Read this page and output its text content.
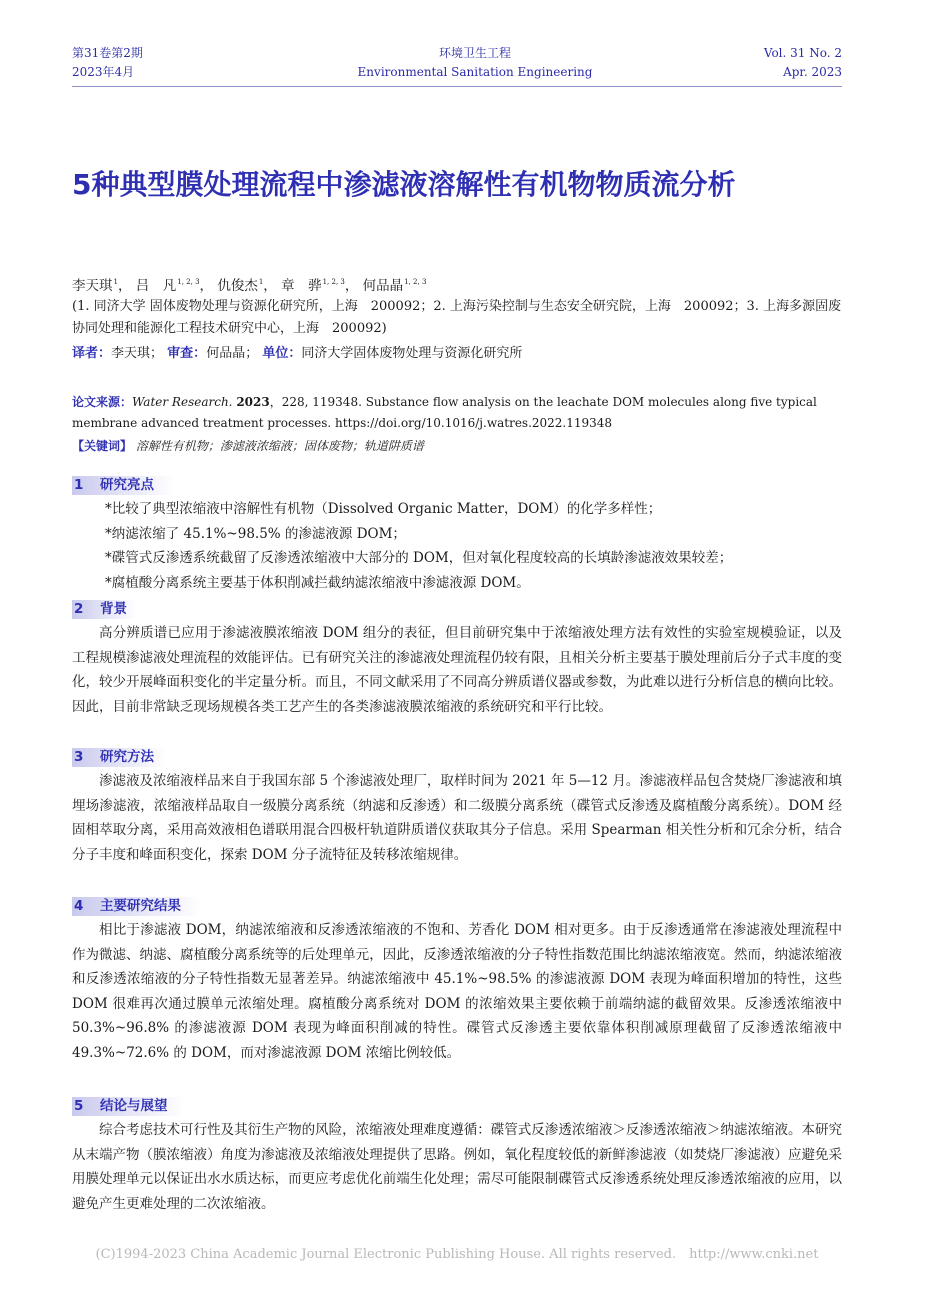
第31卷第2期
2023年4月
环境卫生工程
Environmental Sanitation Engineering
Vol. 31 No. 2
Apr. 2023
5种典型膜处理流程中渗滤液溶解性有机物物质流分析
李天琪$^1$， 吕　凡$^{1, 2, 3}$， 仇俊杰$^1$， 章　骅$^{1, 2, 3}$， 何品晶$^{1, 2, 3}$
(1. 同济大学 固体废物处理与资源化研究所，上海　200092；2. 上海污染控制与生态安全研究院，上海　200092；3. 上海多源固废协同处理和能源化工程技术研究中心，上海　200092)
译者：李天琪； 审查：何品晶； 单位：同济大学固体废物处理与资源化研究所
论文来源：Water Research. 2023，228, 119348. Substance flow analysis on the leachate DOM molecules along five typical membrane advanced treatment processes. https://doi.org/10.1016/j.watres.2022.119348
【关键词】 溶解性有机物；渗滤液浓缩液；固体废物；轨道阱质谱
1 研究亮点
*比较了典型浓缩液中溶解性有机物（Dissolved Organic Matter，DOM）的化学多样性；
*纳滤浓缩了 45.1%~98.5% 的渗滤液源 DOM；
*碟管式反渗透系统截留了反渗透浓缩液中大部分的 DOM，但对氧化程度较高的长填龄渗滤液效果较差；
*腐植酸分离系统主要基于体积削减拦截纳滤浓缩液中渗滤液源 DOM。
2 背景

高分辨质谱已应用于渗滤液膜浓缩液 DOM 组分的表征，但目前研究集中于浓缩液处理方法有效性的实验室规模验证，以及工程规模渗滤液处理流程的效能评估。已有研究关注的渗滤液处理流程仍较有限，且相关分析主要基于膜处理前后分子式丰度的变化，较少开展峰面积变化的半定量分析。而且，不同文献采用了不同高分辨质谱仪器或参数，为此难以进行分析信息的横向比较。因此，目前非常缺乏现场规模各类工艺产生的各类渗滤液膜浓缩液的系统研究和平行比较。

3 研究方法

渗滤液及浓缩液样品来自于我国东部 5 个渗滤液处理厂，取样时间为 2021 年 5—12 月。渗滤液样品包含焚烧厂渗滤液和填埋场渗滤液，浓缩液样品取自一级膜分离系统（纳滤和反渗透）和二级膜分离系统（碟管式反渗透及腐植酸分离系统）。DOM 经固相萃取分离，采用高效液相色谱联用混合四极杆轨道阱质谱仪获取其分子信息。采用 Spearman 相关性分析和冗余分析，结合分子丰度和峰面积变化，探索 DOM 分子流特征及转移浓缩规律。

4 主要研究结果

相比于渗滤液 DOM，纳滤浓缩液和反渗透浓缩液的不饱和、芳香化 DOM 相对更多。由于反渗透通常在渗滤液处理流程中作为微滤、纳滤、腐植酸分离系统等的后处理单元，因此，反渗透浓缩液的分子特性指数范围比纳滤浓缩液宽。然而，纳滤浓缩液和反渗透浓缩液的分子特性指数无显著差异。纳滤浓缩液中 45.1%~98.5% 的渗滤液源 DOM 表现为峰面积增加的特性，这些 DOM 很难再次通过膜单元浓缩处理。腐植酸分离系统对 DOM 的浓缩效果主要依赖于前端纳滤的截留效果。反渗透浓缩液中 50.3%~96.8% 的渗滤液源 DOM 表现为峰面积削减的特性。碟管式反渗透主要依靠体积削减原理截留了反渗透浓缩液中 49.3%~72.6% 的 DOM，而对渗滤液源 DOM 浓缩比例较低。

5 结论与展望

综合考虑技术可行性及其衍生产物的风险，浓缩液处理难度遵循：碟管式反渗透浓缩液＞反渗透浓缩液＞纳滤浓缩液。本研究从末端产物（膜浓缩液）角度为渗滤液及浓缩液处理提供了思路。例如，氧化程度较低的新鲜渗滤液（如焚烧厂渗滤液）应避免采用膜处理单元以保证出水水质达标，而更应考虑优化前端生化处理；需尽可能限制碟管式反渗透系统处理反渗透浓缩液的应用，以避免产生更难处理的二次浓缩液。

(C)1994-2023 China Academic Journal Electronic Publishing House. All rights reserved.　http://www.cnki.net
